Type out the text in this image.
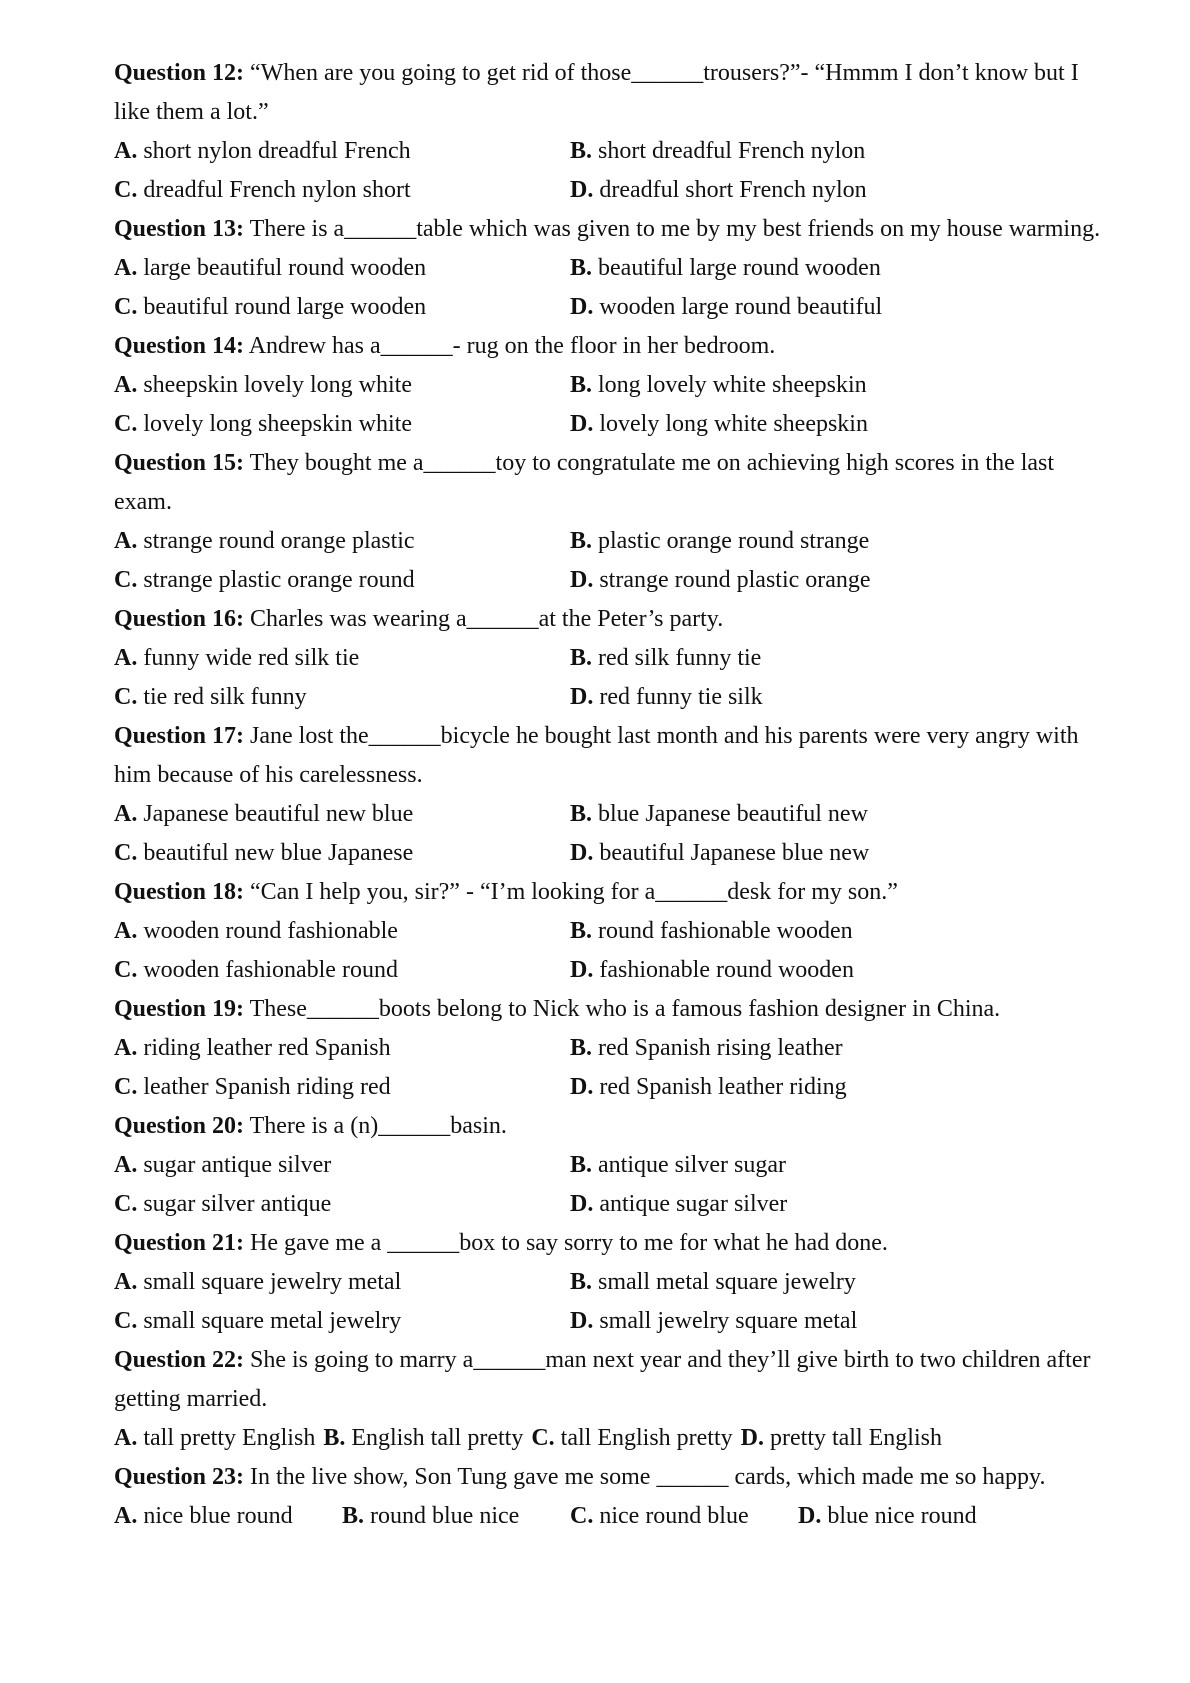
Question 12: “When are you going to get rid of those______trousers?”- “Hmmm I don’t know but I like them a lot.”

A. short nylon dreadful French	B. short dreadful French nylon
C. dreadful French nylon short	D. dreadful short French nylon

Question 13: There is a______table which was given to me by my best friends on my house warming.

A. large beautiful round wooden	B. beautiful large round wooden
C. beautiful round large wooden	D. wooden large round beautiful

Question 14: Andrew has a______- rug on the floor in her bedroom.

A. sheepskin lovely long white	B. long lovely white sheepskin
C. lovely long sheepskin white	D. lovely long white sheepskin

Question 15: They bought me a______toy to congratulate me on achieving high scores in the last exam.

A. strange round orange plastic	B. plastic orange round strange
C. strange plastic orange round	D. strange round plastic orange

Question 16: Charles was wearing a______at the Peter’s party.

A. funny wide red silk tie	B. red silk funny tie
C. tie red silk funny	D. red funny tie silk

Question 17: Jane lost the______bicycle he bought last month and his parents were very angry with him because of his carelessness.

A. Japanese beautiful new blue	B. blue Japanese beautiful new
C. beautiful new blue Japanese	D. beautiful Japanese blue new

Question 18: “Can I help you, sir?” - “I’m looking for a______desk for my son.”

A. wooden round fashionable	B. round fashionable wooden
C. wooden fashionable round	D. fashionable round wooden

Question 19: These______boots belong to Nick who is a famous fashion designer in China.

A. riding leather red Spanish	B. red Spanish rising leather
C. leather Spanish riding red	D. red Spanish leather riding

Question 20: There is a (n)______basin.

A. sugar antique silver	B. antique silver sugar
C. sugar silver antique	D. antique sugar silver

Question 21: He gave me a ______box to say sorry to me for what he had done.

A. small square jewelry metal	B. small metal square jewelry
C. small square metal jewelry	D. small jewelry square metal

Question 22: She is going to marry a______man next year and they’ll give birth to two children after getting married.

A. tall pretty English B. English tall pretty C. tall English pretty D. pretty tall English

Question 23: In the live show, Son Tung gave me some ______ cards, which made me so happy.

A. nice blue round	B. round blue nice	C. nice round blue	D. blue nice round
